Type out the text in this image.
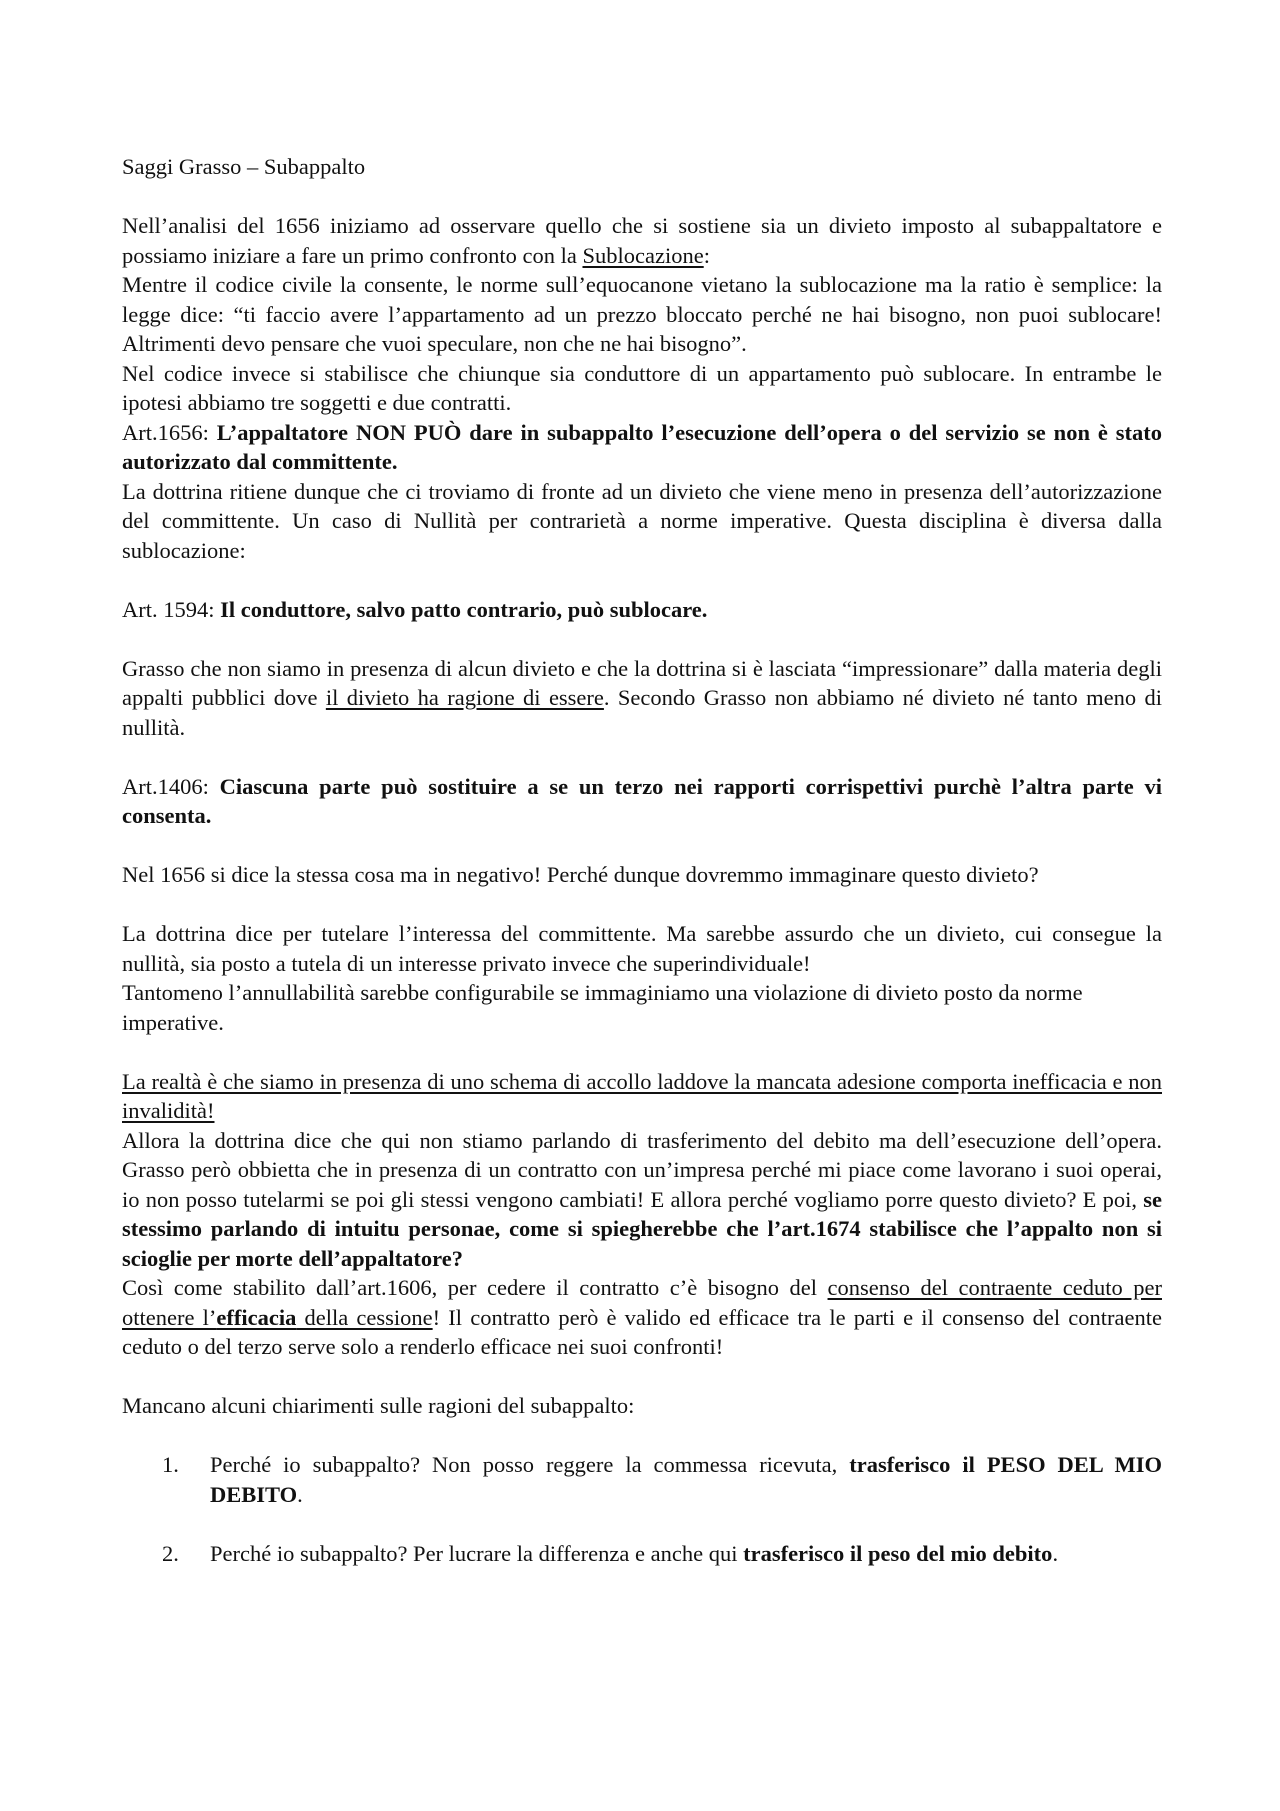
Saggi Grasso – Subappalto

Nell’analisi del 1656 iniziamo ad osservare quello che si sostiene sia un divieto imposto al subappaltatore e possiamo iniziare a fare un primo confronto con la Sublocazione:

Mentre il codice civile la consente, le norme sull’equocanone vietano la sublocazione ma la ratio è semplice: la legge dice: “ti faccio avere l’appartamento ad un prezzo bloccato perché ne hai bisogno, non puoi sublocare! Altrimenti devo pensare che vuoi speculare, non che ne hai bisogno”.

Nel codice invece si stabilisce che chiunque sia conduttore di un appartamento può sublocare. In entrambe le ipotesi abbiamo tre soggetti e due contratti.

Art.1656: L’appaltatore NON PUÒ dare in subappalto l’esecuzione dell’opera o del servizio se non è stato autorizzato dal committente.

La dottrina ritiene dunque che ci troviamo di fronte ad un divieto che viene meno in presenza dell’autorizzazione del committente. Un caso di Nullità per contrarietà a norme imperative. Questa disciplina è diversa dalla sublocazione:

Art. 1594: Il conduttore, salvo patto contrario, può sublocare.

Grasso che non siamo in presenza di alcun divieto e che la dottrina si è lasciata “impressionare” dalla materia degli appalti pubblici dove il divieto ha ragione di essere. Secondo Grasso non abbiamo né divieto né tanto meno di nullità.

Art.1406: Ciascuna parte può sostituire a se un terzo nei rapporti corrispettivi purchè l’altra parte vi consenta.

Nel 1656 si dice la stessa cosa ma in negativo! Perché dunque dovremmo immaginare questo divieto?

La dottrina dice per tutelare l’interessa del committente. Ma sarebbe assurdo che un divieto, cui consegue la nullità, sia posto a tutela di un interesse privato invece che superindividuale!

Tantomeno l’annullabilità sarebbe configurabile se immaginiamo una violazione di divieto posto da norme imperative.

La realtà è che siamo in presenza di uno schema di accollo laddove la mancata adesione comporta inefficacia e non invalidità!

Allora la dottrina dice che qui non stiamo parlando di trasferimento del debito ma dell’esecuzione dell’opera. Grasso però obbietta che in presenza di un contratto con un’impresa perché mi piace come lavorano i suoi operai, io non posso tutelarmi se poi gli stessi vengono cambiati! E allora perché vogliamo porre questo divieto? E poi, se stessimo parlando di intuitu personae, come si spiegherebbe che l’art.1674 stabilisce che l’appalto non si scioglie per morte dell’appaltatore?

Così come stabilito dall’art.1606, per cedere il contratto c’è bisogno del consenso del contraente ceduto per ottenere l’efficacia della cessione! Il contratto però è valido ed efficace tra le parti e il consenso del contraente ceduto o del terzo serve solo a renderlo efficace nei suoi confronti!

Mancano alcuni chiarimenti sulle ragioni del subappalto:

1. Perché io subappalto? Non posso reggere la commessa ricevuta, trasferisco il PESO DEL MIO DEBITO.
2. Perché io subappalto? Per lucrare la differenza e anche qui trasferisco il peso del mio debito.
